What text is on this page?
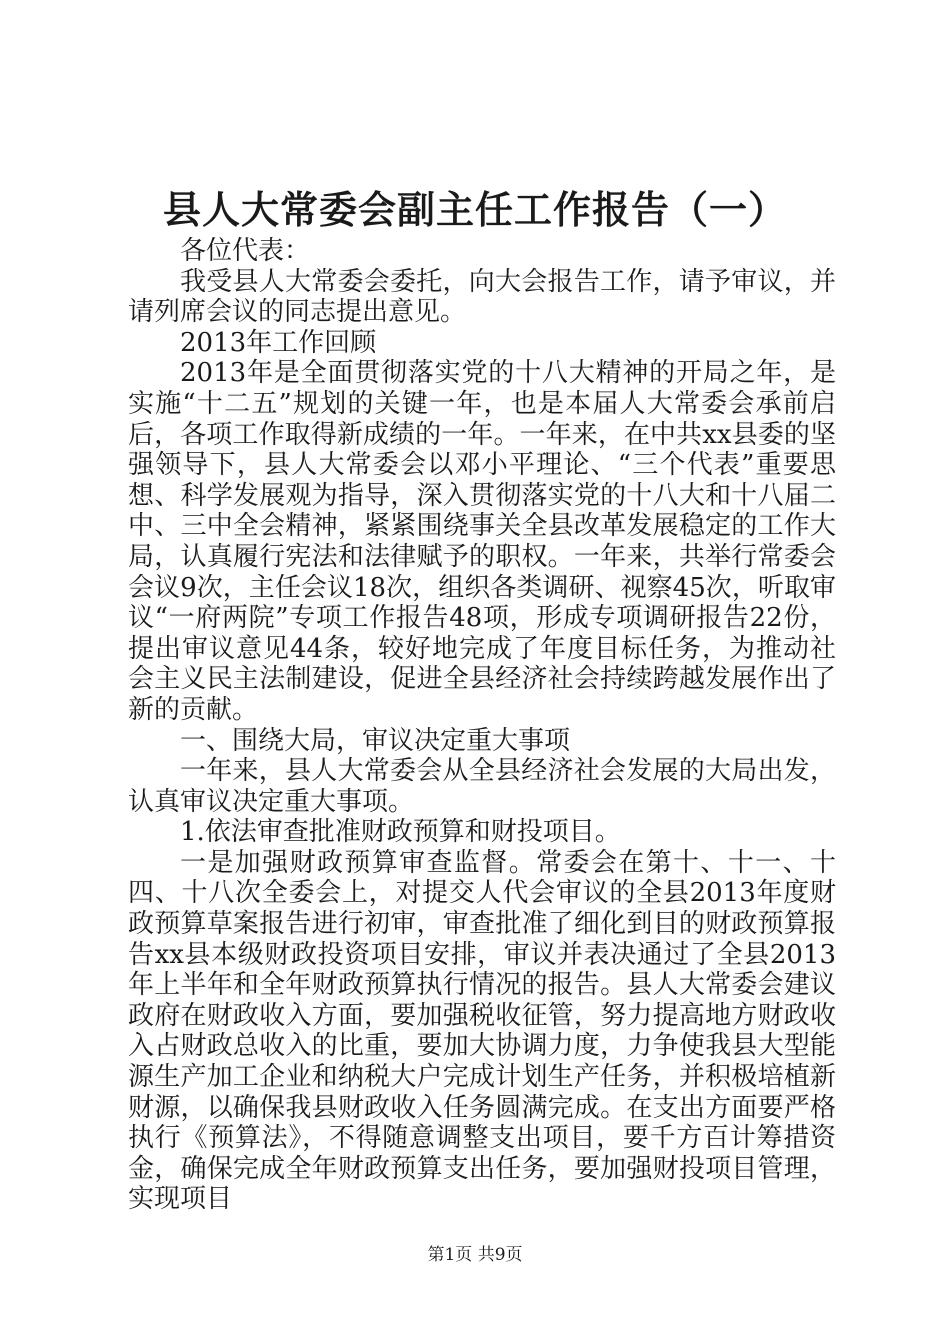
县人大常委会副主任工作报告（一）

各位代表：

我受县人大常委会委托，向大会报告工作，请予审议，并请列席会议的同志提出意见。

2013年工作回顾

2013年是全面贯彻落实党的十八大精神的开局之年，是实施“十二五”规划的关键一年，也是本届人大常委会承前启后，各项工作取得新成绩的一年。一年来，在中共xx县委的坚强领导下，县人大常委会以邓小平理论、“三个代表”重要思想、科学发展观为指导，深入贯彻落实党的十八大和十八届二中、三中全会精神，紧紧围绕事关全县改革发展稳定的工作大局，认真履行宪法和法律赋予的职权。一年来，共举行常委会会议9次，主任会议18次，组织各类调研、视察45次，听取审议“一府两院”专项工作报告48项，形成专项调研报告22份，提出审议意见44条，较好地完成了年度目标任务，为推动社会主义民主法制建设，促进全县经济社会持续跨越发展作出了新的贡献。

一、围绕大局，审议决定重大事项

一年来，县人大常委会从全县经济社会发展的大局出发，认真审议决定重大事项。

1.依法审查批准财政预算和财投项目。

一是加强财政预算审查监督。常委会在第十、十一、十四、十八次全委会上，对提交人代会审议的全县2013年度财政预算草案报告进行初审，审查批准了细化到目的财政预算报告xx县本级财政投资项目安排，审议并表决通过了全县2013年上半年和全年财政预算执行情况的报告。县人大常委会建议政府在财政收入方面，要加强税收征管，努力提高地方财政收入占财政总收入的比重，要加大协调力度，力争使我县大型能源生产加工企业和纳税大户完成计划生产任务，并积极培植新财源，以确保我县财政收入任务圆满完成。在支出方面要严格执行《预算法》，不得随意调整支出项目，要千方百计筹措资金，确保完成全年财政预算支出任务，要加强财投项目管理，实现项目

第1页 共9页
